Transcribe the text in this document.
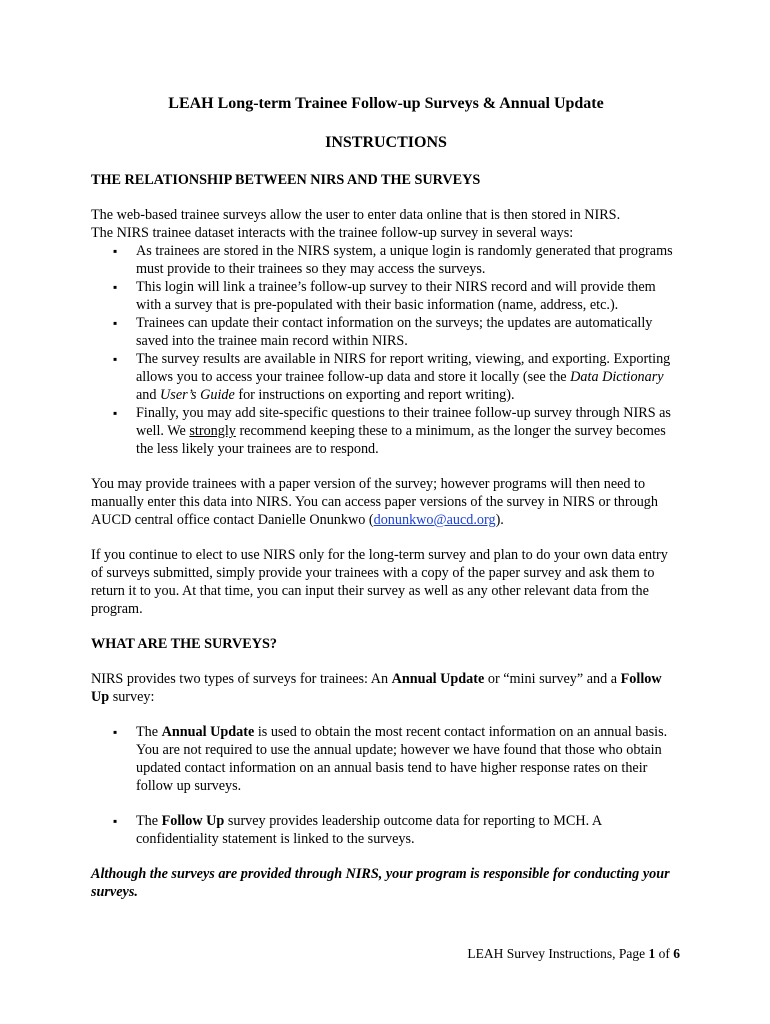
LEAH Long-term Trainee Follow-up Surveys & Annual Update
INSTRUCTIONS
THE RELATIONSHIP BETWEEN NIRS AND THE SURVEYS
The web-based trainee surveys allow the user to enter data online that is then stored in NIRS.
The NIRS trainee dataset interacts with the trainee follow-up survey in several ways:
▪ As trainees are stored in the NIRS system, a unique login is randomly generated that programs must provide to their trainees so they may access the surveys.
▪ This login will link a trainee’s follow-up survey to their NIRS record and will provide them with a survey that is pre-populated with their basic information (name, address, etc.).
▪ Trainees can update their contact information on the surveys; the updates are automatically saved into the trainee main record within NIRS.
▪ The survey results are available in NIRS for report writing, viewing, and exporting. Exporting allows you to access your trainee follow-up data and store it locally (see the Data Dictionary and User’s Guide for instructions on exporting and report writing).
▪ Finally, you may add site-specific questions to their trainee follow-up survey through NIRS as well. We strongly recommend keeping these to a minimum, as the longer the survey becomes the less likely your trainees are to respond.
You may provide trainees with a paper version of the survey; however programs will then need to manually enter this data into NIRS. You can access paper versions of the survey in NIRS or through AUCD central office contact Danielle Onunkwo (donunkwo@aucd.org).
If you continue to elect to use NIRS only for the long-term survey and plan to do your own data entry of surveys submitted, simply provide your trainees with a copy of the paper survey and ask them to return it to you. At that time, you can input their survey as well as any other relevant data from the program.
WHAT ARE THE SURVEYS?
NIRS provides two types of surveys for trainees: An Annual Update or “mini survey” and a Follow Up survey:
▪ The Annual Update is used to obtain the most recent contact information on an annual basis. You are not required to use the annual update; however we have found that those who obtain updated contact information on an annual basis tend to have higher response rates on their follow up surveys.
▪ The Follow Up survey provides leadership outcome data for reporting to MCH. A confidentiality statement is linked to the surveys.
Although the surveys are provided through NIRS, your program is responsible for conducting your surveys.
LEAH Survey Instructions, Page 1 of 6
